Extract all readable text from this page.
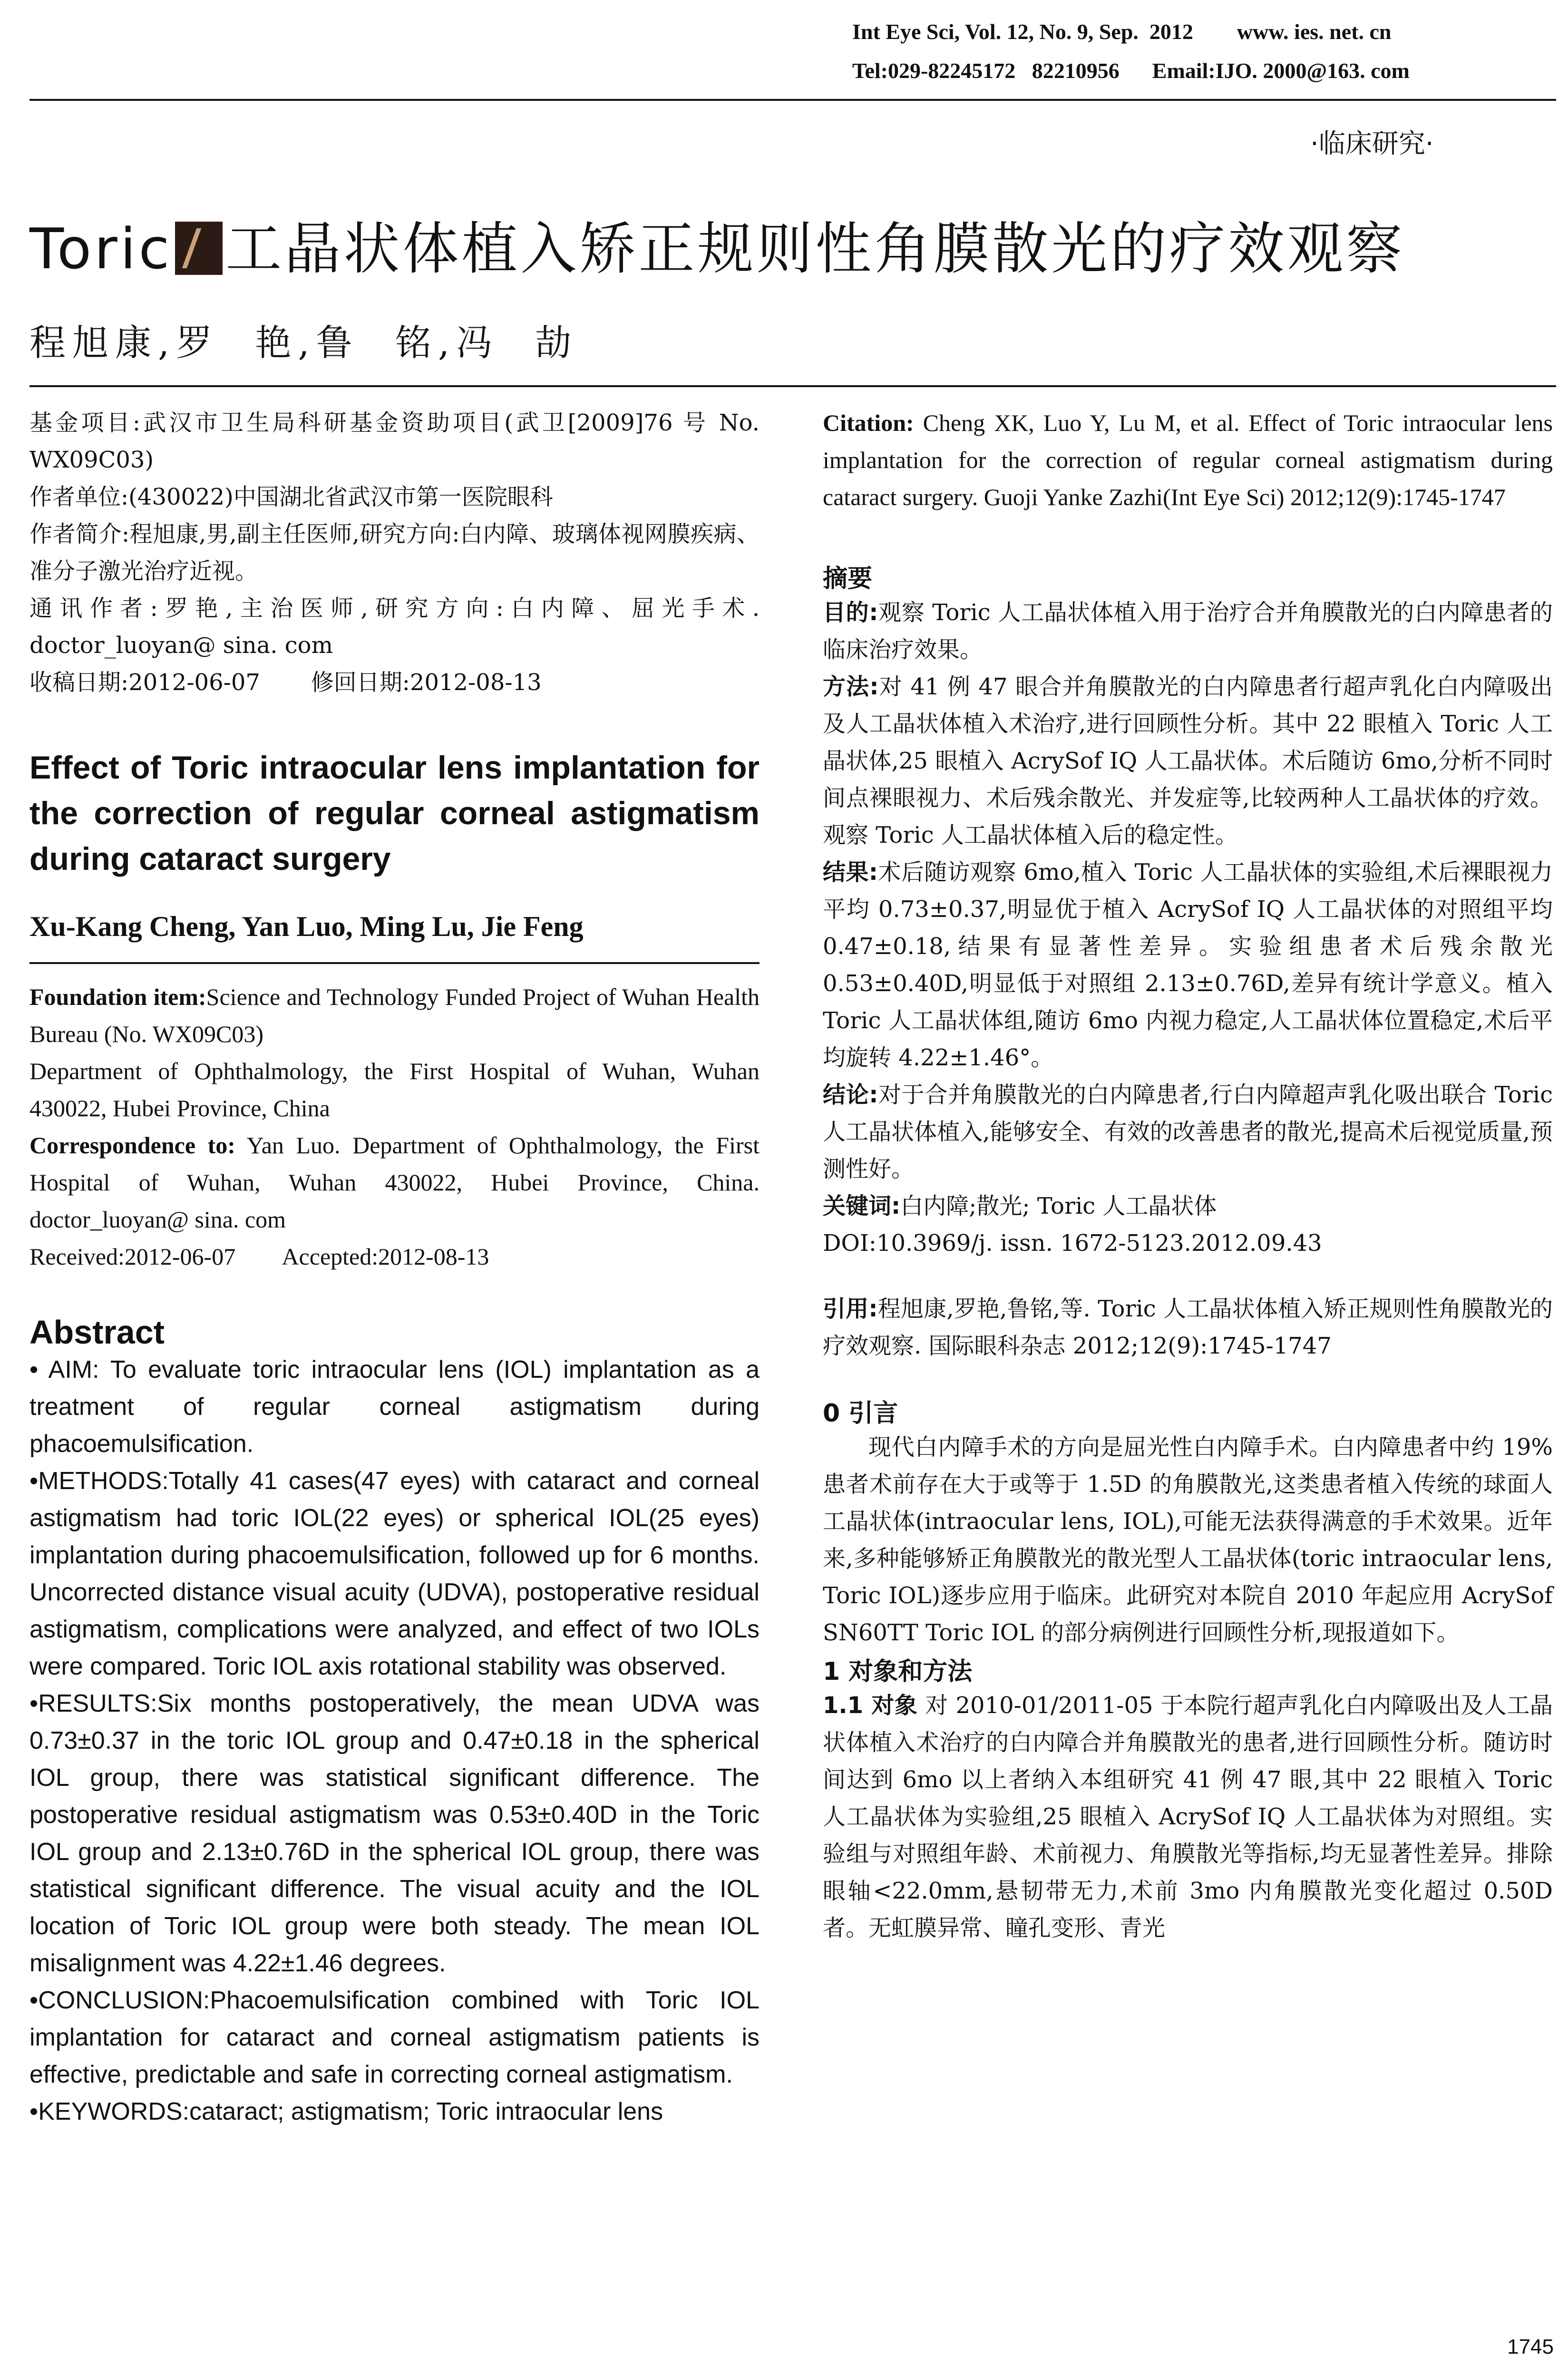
Int Eye Sci, Vol. 12, No. 9, Sep.  2012        www. ies. net. cn
Tel:029-82245172   82210956      Email:IJO. 2000@163. com
·临床研究·
Toric 工晶状体植入矫正规则性角膜散光的疗效观察
程旭康,罗  艳,鲁  铭,冯  劼
基金项目:武汉市卫生局科研基金资助项目(武卫[2009]76 号 No. WX09C03)
作者单位:(430022)中国湖北省武汉市第一医院眼科
作者简介:程旭康,男,副主任医师,研究方向:白内障、玻璃体视网膜疾病、准分子激光治疗近视。
通讯作者:罗艳,主治医师,研究方向:白内障、屈光手术. doctor_luoyan@ sina. com
收稿日期:2012-06-07       修回日期:2012-08-13
Effect of Toric intraocular lens implantation for the correction of regular corneal astigmatism during cataract surgery
Xu-Kang Cheng, Yan Luo, Ming Lu, Jie Feng
Foundation item:Science and Technology Funded Project of Wuhan Health Bureau (No. WX09C03)
Department of Ophthalmology, the First Hospital of Wuhan, Wuhan 430022, Hubei Province, China
Correspondence to: Yan Luo. Department of Ophthalmology, the First Hospital of Wuhan, Wuhan 430022, Hubei Province, China. doctor_luoyan@ sina. com
Received:2012-06-07        Accepted:2012-08-13
Abstract
• AIM: To evaluate toric intraocular lens (IOL) implantation as a treatment of regular corneal astigmatism during phacoemulsification.
•METHODS:Totally 41 cases(47 eyes) with cataract and corneal astigmatism had toric IOL(22 eyes) or spherical IOL(25 eyes) implantation during phacoemulsification, followed up for 6 months. Uncorrected distance visual acuity (UDVA), postoperative residual astigmatism, complications were analyzed, and effect of two IOLs were compared. Toric IOL axis rotational stability was observed.
•RESULTS:Six months postoperatively, the mean UDVA was 0.73±0.37 in the toric IOL group and 0.47±0.18 in the spherical IOL group, there was statistical significant difference. The postoperative residual astigmatism was 0.53±0.40D in the Toric IOL group and 2.13±0.76D in the spherical IOL group, there was statistical significant difference. The visual acuity and the IOL location of Toric IOL group were both steady. The mean IOL misalignment was 4.22±1.46 degrees.
•CONCLUSION:Phacoemulsification combined with Toric IOL implantation for cataract and corneal astigmatism patients is effective, predictable and safe in correcting corneal astigmatism.
•KEYWORDS:cataract; astigmatism; Toric intraocular lens
Citation: Cheng XK, Luo Y, Lu M, et al. Effect of Toric intraocular lens implantation for the correction of regular corneal astigmatism during cataract surgery. Guoji Yanke Zazhi(Int Eye Sci) 2012;12(9):1745-1747
摘要
目的:观察 Toric 人工晶状体植入用于治疗合并角膜散光的白内障患者的临床治疗效果。
方法:对 41 例 47 眼合并角膜散光的白内障患者行超声乳化白内障吸出及人工晶状体植入术治疗,进行回顾性分析。其中 22 眼植入 Toric 人工晶状体,25 眼植入 AcrySof IQ 人工晶状体。术后随访 6mo,分析不同时间点裸眼视力、术后残余散光、并发症等,比较两种人工晶状体的疗效。观察 Toric 人工晶状体植入后的稳定性。
结果:术后随访观察 6mo,植入 Toric 人工晶状体的实验组,术后裸眼视力平均 0.73±0.37,明显优于植入 AcrySof IQ 人工晶状体的对照组平均 0.47±0.18,结果有显著性差异。实验组患者术后残余散光 0.53±0.40D,明显低于对照组 2.13±0.76D,差异有统计学意义。植入 Toric 人工晶状体组,随访 6mo 内视力稳定,人工晶状体位置稳定,术后平均旋转 4.22±1.46°。
结论:对于合并角膜散光的白内障患者,行白内障超声乳化吸出联合 Toric 人工晶状体植入,能够安全、有效的改善患者的散光,提高术后视觉质量,预测性好。
关键词:白内障;散光; Toric 人工晶状体
DOI:10.3969/j. issn. 1672-5123.2012.09.43
引用:程旭康,罗艳,鲁铭,等. Toric 人工晶状体植入矫正规则性角膜散光的疗效观察. 国际眼科杂志 2012;12(9):1745-1747
0 引言
现代白内障手术的方向是屈光性白内障手术。白内障患者中约 19% 患者术前存在大于或等于 1.5D 的角膜散光,这类患者植入传统的球面人工晶状体(intraocular lens, IOL),可能无法获得满意的手术效果。近年来,多种能够矫正角膜散光的散光型人工晶状体(toric intraocular lens, Toric IOL)逐步应用于临床。此研究对本院自 2010 年起应用 AcrySof SN60TT Toric IOL 的部分病例进行回顾性分析,现报道如下。
1 对象和方法
1.1 对象 对 2010-01/2011-05 于本院行超声乳化白内障吸出及人工晶状体植入术治疗的白内障合并角膜散光的患者,进行回顾性分析。随访时间达到 6mo 以上者纳入本组研究 41 例 47 眼,其中 22 眼植入 Toric 人工晶状体为实验组,25 眼植入 AcrySof IQ 人工晶状体为对照组。实验组与对照组年龄、术前视力、角膜散光等指标,均无显著性差异。排除眼轴<22.0mm,悬韧带无力,术前 3mo 内角膜散光变化超过 0.50D 者。无虹膜异常、瞳孔变形、青光
1745
